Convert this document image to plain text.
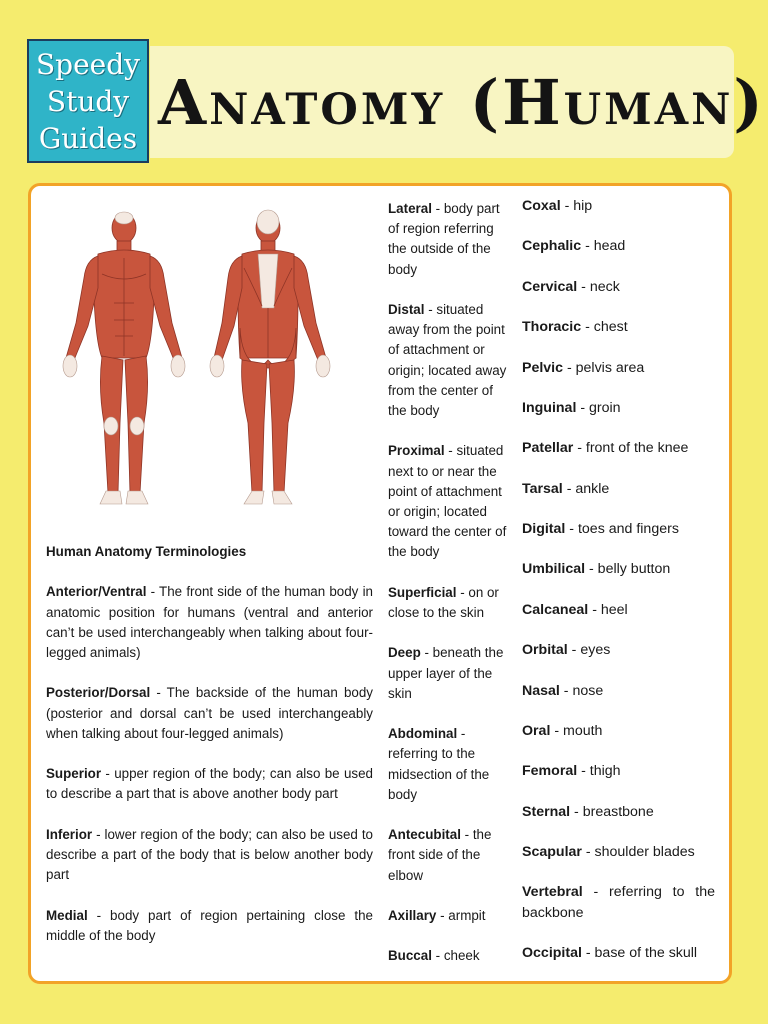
Speedy
Study
Guides Anatomy (Human)

Human Anatomy Terminologies

Anterior/Ventral - The front side of the human body in anatomic position for humans (ventral and anterior can’t be used interchangeably when talking about four-legged animals)

Posterior/Dorsal - The backside of the human body (posterior and dorsal can’t be used interchangeably when talking about four-legged animals)

Superior - upper region of the body; can also be used to describe a part that is above another body part

Inferior - lower region of the body; can also be used to describe a part of the body that is below another body part

Medial - body part of region pertaining close the middle of the body

Lateral - body part of region referring the outside of the body

Distal - situated away from the point of attachment or origin; located away from the center of the body

Proximal - situated next to or near the point of attachment or origin; located toward the center of the body

Superficial - on or close to the skin

Deep - beneath the upper layer of the skin

Abdominal - referring to the midsection of the body

Antecubital - the front side of the elbow

Axillary - armpit

Buccal - cheek

Coxal - hip

Cephalic - head

Cervical - neck

Thoracic - chest

Pelvic - pelvis area

Inguinal - groin

Patellar - front of the knee

Tarsal - ankle

Digital - toes and fingers

Umbilical - belly button

Calcaneal - heel

Orbital - eyes

Nasal - nose

Oral - mouth

Femoral - thigh

Sternal - breastbone

Scapular - shoulder blades

Vertebral - referring to the backbone

Occipital - base of the skull
